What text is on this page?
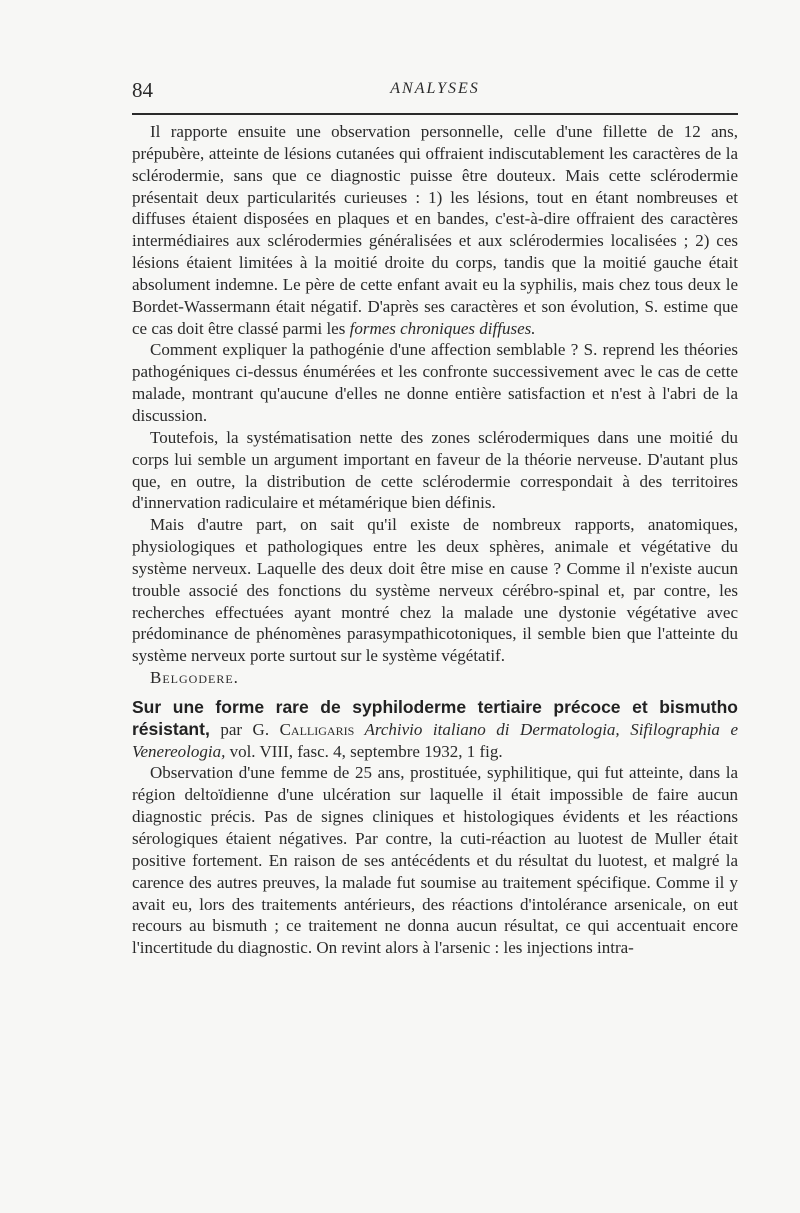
84	ANALYSES

Il rapporte ensuite une observation personnelle, celle d'une fillette de 12 ans, prépubère, atteinte de lésions cutanées qui offraient indiscutablement les caractères de la sclérodermie, sans que ce diagnostic puisse être douteux. Mais cette sclérodermie présentait deux particularités curieuses : 1) les lésions, tout en étant nombreuses et diffuses étaient disposées en plaques et en bandes, c'est-à-dire offraient des caractères intermédiaires aux sclérodermies généralisées et aux sclérodermies localisées ; 2) ces lésions étaient limitées à la moitié droite du corps, tandis que la moitié gauche était absolument indemne. Le père de cette enfant avait eu la syphilis, mais chez tous deux le Bordet-Wassermann était négatif. D'après ses caractères et son évolution, S. estime que ce cas doit être classé parmi les formes chroniques diffuses.

Comment expliquer la pathogénie d'une affection semblable ? S. reprend les théories pathogéniques ci-dessus énumérées et les confronte successivement avec le cas de cette malade, montrant qu'aucune d'elles ne donne entière satisfaction et n'est à l'abri de la discussion.

Toutefois, la systématisation nette des zones sclérodermiques dans une moitié du corps lui semble un argument important en faveur de la théorie nerveuse. D'autant plus que, en outre, la distribution de cette sclérodermie correspondait à des territoires d'innervation radiculaire et métamérique bien définis.

Mais d'autre part, on sait qu'il existe de nombreux rapports, anatomiques, physiologiques et pathologiques entre les deux sphères, animale et végétative du système nerveux. Laquelle des deux doit être mise en cause ? Comme il n'existe aucun trouble associé des fonctions du système nerveux cérébro-spinal et, par contre, les recherches effectuées ayant montré chez la malade une dystonie végétative avec prédominance de phénomènes parasympathicotoniques, il semble bien que l'atteinte du système nerveux porte surtout sur le système végétatif.

Belgodere.

Sur une forme rare de syphiloderme tertiaire précoce et bismutho résistant, par G. Calligaris Archivio italiano di Dermatologia, Sifilographia e Venereologia, vol. VIII, fasc. 4, septembre 1932, 1 fig.

Observation d'une femme de 25 ans, prostituée, syphilitique, qui fut atteinte, dans la région deltoïdienne d'une ulcération sur laquelle il était impossible de faire aucun diagnostic précis. Pas de signes cliniques et histologiques évidents et les réactions sérologiques étaient négatives. Par contre, la cuti-réaction au luotest de Muller était positive fortement. En raison de ses antécédents et du résultat du luotest, et malgré la carence des autres preuves, la malade fut soumise au traitement spécifique. Comme il y avait eu, lors des traitements antérieurs, des réactions d'intolérance arsenicale, on eut recours au bismuth ; ce traitement ne donna aucun résultat, ce qui accentuait encore l'incertitude du diagnostic. On revint alors à l'arsenic : les injections intra-
